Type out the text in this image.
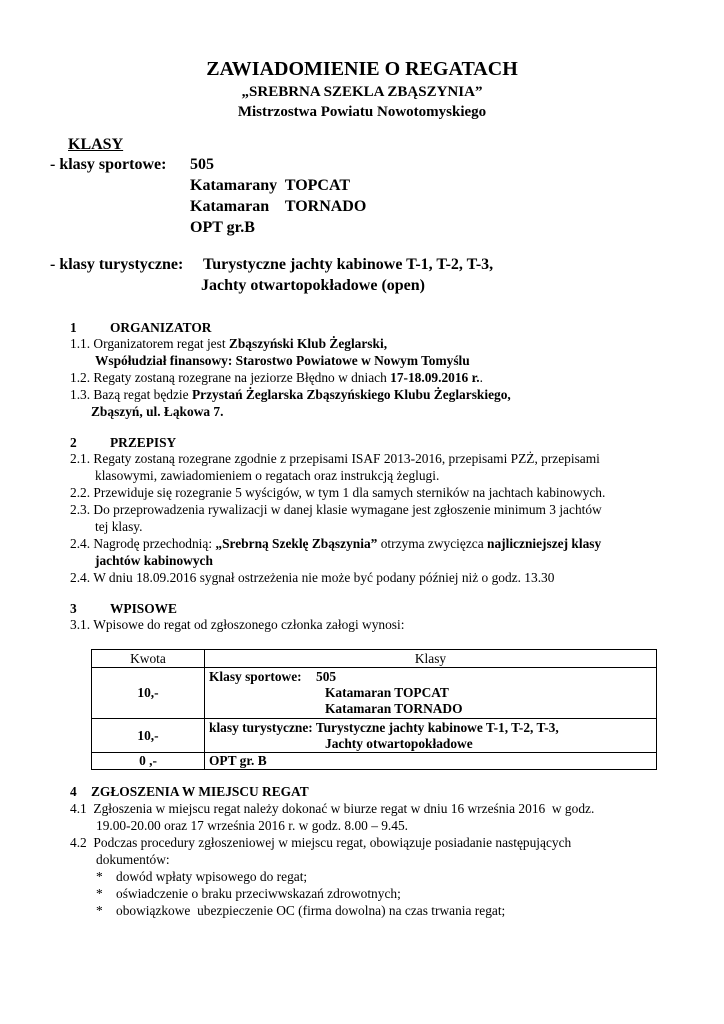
ZAWIADOMIENIE O REGATACH
„SREBRNA SZEKLA ZBĄSZYNIA”
Mistrzostwa Powiatu Nowotomyskiego
KLASY
- klasy sportowe: 505
Katamarany  TOPCAT
Katamaran    TORNADO
OPT gr.B
- klasy turystyczne: Turystyczne jachty kabinowe T-1, T-2, T-3,
Jachty otwartopokładowe (open)
1 ORGANIZATOR
1.1. Organizatorem regat jest Zbąszyński Klub Żeglarski,
Współudział finansowy: Starostwo Powiatowe w Nowym Tomyślu
1.2. Regaty zostaną rozegrane na jeziorze Błędno w dniach 17-18.09.2016 r..
1.3. Bazą regat będzie Przystań Żeglarska Zbąszyńskiego Klubu Żeglarskiego,
Zbąszyń, ul. Łąkowa 7.
2 PRZEPISY
2.1. Regaty zostaną rozegrane zgodnie z przepisami ISAF 2013-2016, przepisami PZŻ, przepisami
klasowymi, zawiadomieniem o regatach oraz instrukcją żeglugi.
2.2. Przewiduje się rozegranie 5 wyścigów, w tym 1 dla samych sterników na jachtach kabinowych.
2.3. Do przeprowadzenia rywalizacji w danej klasie wymagane jest zgłoszenie minimum 3 jachtów
tej klasy.
2.4. Nagrodę przechodnią: „Srebrną Szeklę Zbąszynia” otrzyma zwycięzca najliczniejszej klasy
jachtów kabinowych
2.4. W dniu 18.09.2016 sygnał ostrzeżenia nie może być podany później niż o godz. 13.30
3 WPISOWE
3.1. Wpisowe do regat od zgłoszonego członka załogi wynosi:
Kwota	Klasy
10,-	Klasy sportowe: 505
Katamaran TOPCAT
Katamaran TORNADO

10,-	klasy turystyczne: Turystyczne jachty kabinowe T-1, T-2, T-3,
Jachty otwartopokładowe

0 ,-	OPT gr. B
4 ZGŁOSZENIA W MIEJSCU REGAT
4.1  Zgłoszenia w miejscu regat należy dokonać w biurze regat w dniu 16 września 2016  w godz.
19.00-20.00 oraz 17 września 2016 r. w godz. 8.00 – 9.45.
4.2  Podczas procedury zgłoszeniowej w miejscu regat, obowiązuje posiadanie następujących
dokumentów:
* dowód wpłaty wpisowego do regat;
* oświadczenie o braku przeciwwskazań zdrowotnych;
* obowiązkowe  ubezpieczenie OC (firma dowolna) na czas trwania regat;
